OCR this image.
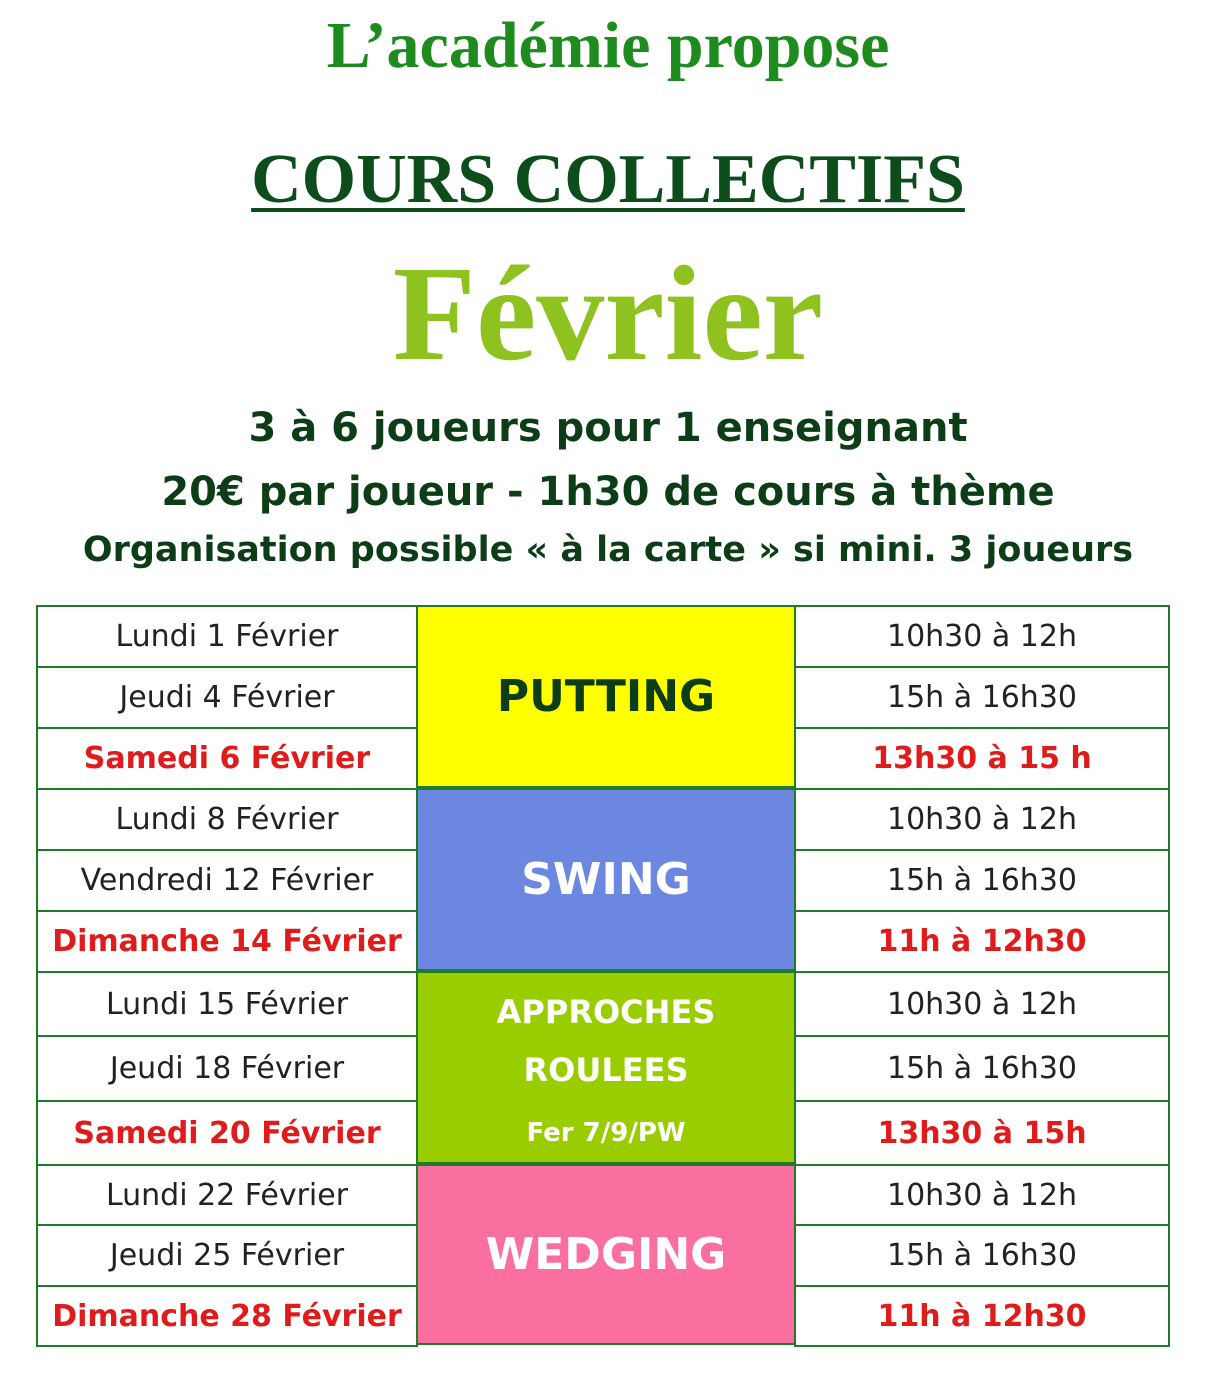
L’académie propose
COURS COLLECTIFS
Février

3 à 6 joueurs pour 1 enseignant

20€ par joueur - 1h30 de cours à thème

Organisation possible « à la carte » si mini. 3 joueurs

PUTTING
Lundi 1 Février	10h30 à 12h
Jeudi 4 Février	15h à 16h30
Samedi 6 Février	13h30 à 15 h
SWING
Lundi 8 Février	10h30 à 12h
Vendredi 12 Février	15h à 16h30
Dimanche 14 Février	11h à 12h30
APPROCHES
ROULEES
Fer 7/9/PW
Lundi 15 Février	10h30 à 12h
Jeudi 18 Février	15h à 16h30
Samedi 20 Février	13h30 à 15h
WEDGING
Lundi 22 Février	10h30 à 12h
Jeudi 25 Février	15h à 16h30
Dimanche 28 Février	11h à 12h30
